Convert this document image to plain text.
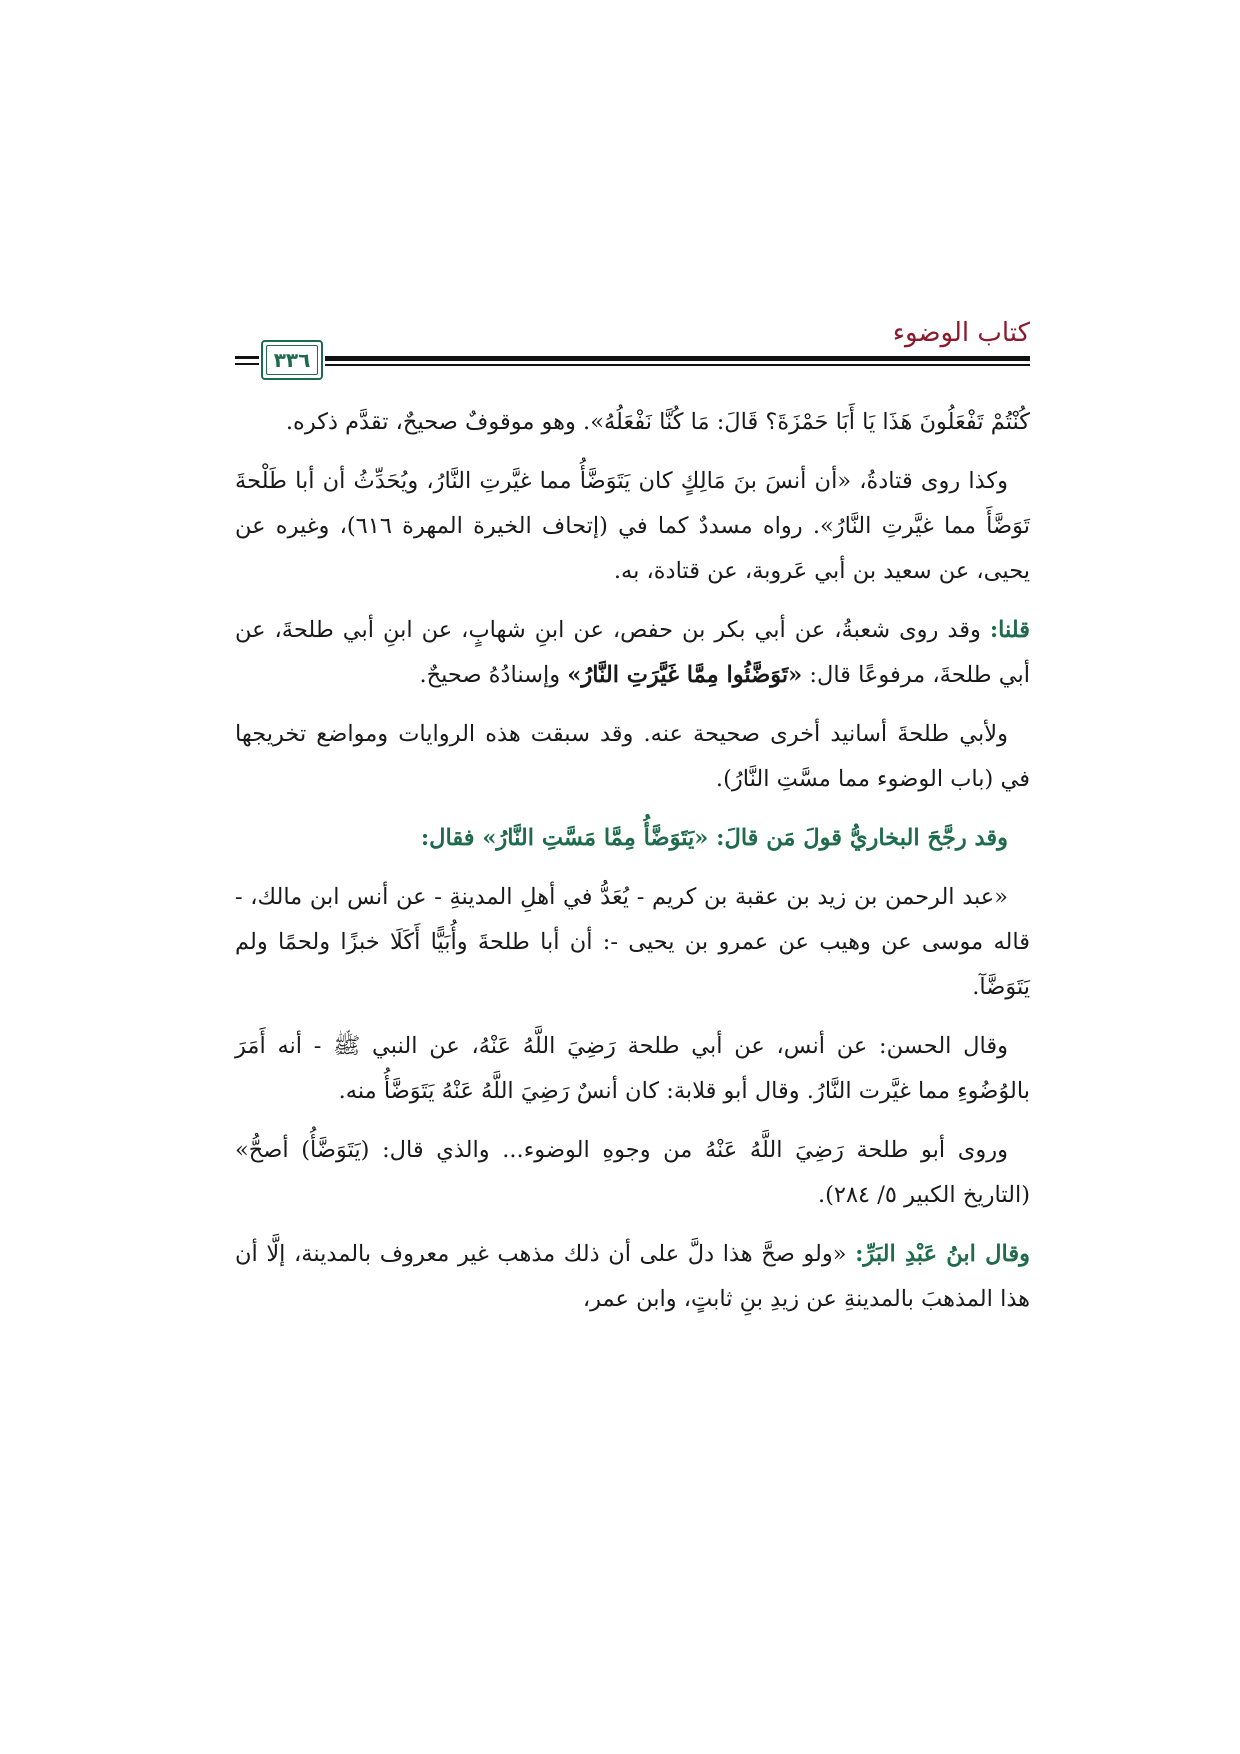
كتاب الوضوء
٣٣٦

كُنْتُمْ تَفْعَلُونَ هَذَا يَا أَبَا حَمْزَةَ؟ قَالَ: مَا كُنَّا نَفْعَلُهُ». وهو موقوفٌ صحيحٌ، تقدَّم ذكره.

وكذا روى قتادةُ، «أن أنسَ بنَ مَالِكٍ كان يَتَوَضَّأُ مما غيَّرتِ النَّارُ، ويُحَدِّثُ أن أبا طَلْحةَ تَوَضَّأَ مما غيَّرتِ النَّارُ». رواه مسددٌ كما في (إتحاف الخيرة المهرة ٦١٦)، وغيره عن يحيى، عن سعيد بن أبي عَروبة، عن قتادة، به.

قلنا: وقد روى شعبةُ، عن أبي بكر بن حفص، عن ابنِ شهابٍ، عن ابنِ أبي طلحةَ، عن أبي طلحةَ، مرفوعًا قال: «تَوَضَّئُوا مِمَّا غَيَّرَتِ النَّارُ» وإسنادُهُ صحيحٌ.

ولأبي طلحةَ أسانيد أخرى صحيحة عنه. وقد سبقت هذه الروايات ومواضع تخريجها في (باب الوضوء مما مسَّتِ النَّارُ).

وقد رجَّحَ البخاريُّ قولَ مَن قالَ: «يَتَوَضَّأُ مِمَّا مَسَّتِ النَّارُ» فقال:

«عبد الرحمن بن زيد بن عقبة بن كريم - يُعَدُّ في أهلِ المدينةِ - عن أنس ابن مالك، - قاله موسى عن وهيب عن عمرو بن يحيى -: أن أبا طلحةَ وأُبَيًّا أَكَلَا خبزًا ولحمًا ولم يَتَوَضَّآ.

وقال الحسن: عن أنس، عن أبي طلحة رَضِيَ اللَّهُ عَنْهُ، عن النبي ﷺ - أنه أَمَرَ بالوُضُوءِ مما غيَّرت النَّارُ. وقال أبو قلابة: كان أنسٌ رَضِيَ اللَّهُ عَنْهُ يَتَوَضَّأُ منه.

وروى أبو طلحة رَضِيَ اللَّهُ عَنْهُ من وجوهِ الوضوء... والذي قال: (يَتَوَضَّأُ) أصحُّ» (التاريخ الكبير ٥/ ٢٨٤).

وقال ابنُ عَبْدِ البَرِّ: «ولو صحَّ هذا دلَّ على أن ذلك مذهب غير معروف بالمدينة، إلَّا أن هذا المذهبَ بالمدينةِ عن زيدِ بنِ ثابتٍ، وابن عمر،
